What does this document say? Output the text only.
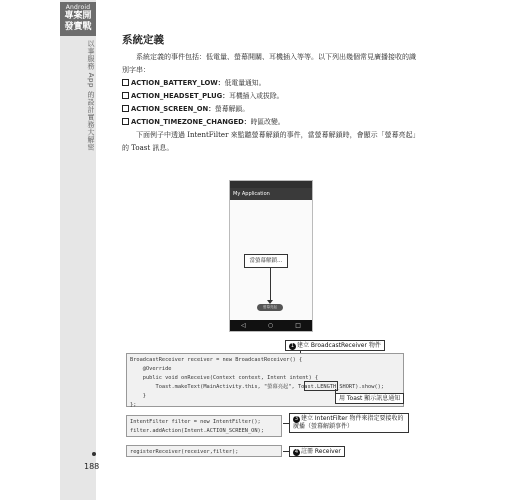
Android
專案開
發實戰
以事服務 App 的設計實務大解密	系統定義

系統定義的事件包括：低電量、螢幕開關、耳機插入等等。以下列出幾個常見廣播接收的識別字串：

ACTION_BATTERY_LOW：低電量通知。

ACTION_HEADSET_PLUG：耳機插入或拔除。

ACTION_SCREEN_ON：螢幕解鎖。

ACTION_TIMEZONE_CHANGED：時區改變。

下面例子中透過 IntentFilter 來監聽螢幕解鎖的事件，當螢幕解鎖時，會顯示「螢幕亮起」的 Toast 訊息。

My Application
當螢幕解鎖…
螢幕亮起
◁	○	□
1 建立 BroadcastReceiver 物件
BroadcastReceiver receiver = new BroadcastReceiver() {
@Override
public void onReceive(Context context, Intent intent) {
Toast.makeText(MainActivity.this, "螢幕亮起", Toast.LENGTH_SHORT).show();
}
};
用 Toast 顯示訊息通知
IntentFilter filter = new IntentFilter();
filter.addAction(Intent.ACTION_SCREEN_ON);
3 建立 IntentFilter 物件來指定要接收的廣播（螢幕解鎖事件）
registerReceiver(receiver,filter);	4 註冊 Receiver
188
